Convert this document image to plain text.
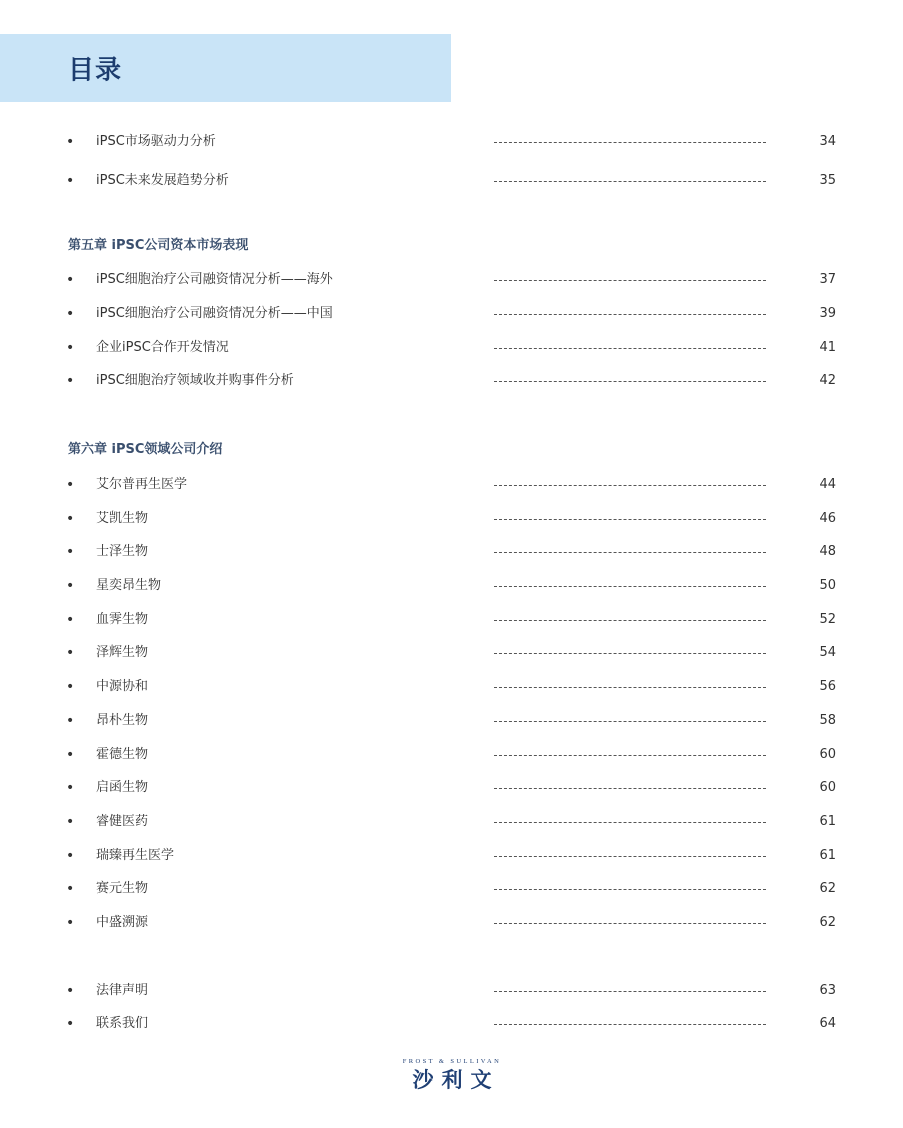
目录
• iPSC市场驱动力分析	34
• iPSC未来发展趋势分析	35
第五章 iPSC公司资本市场表现
• iPSC细胞治疗公司融资情况分析——海外	37
• iPSC细胞治疗公司融资情况分析——中国	39
• 企业iPSC合作开发情况	41
• iPSC细胞治疗领域收并购事件分析	42
第六章 iPSC领域公司介绍
• 艾尔普再生医学	44
• 艾凯生物	46
• 士泽生物	48
• 星奕昂生物	50
• 血霁生物	52
• 泽辉生物	54
• 中源协和	56
• 昂朴生物	58
• 霍德生物	60
• 启函生物	60
• 睿健医药	61
• 瑞臻再生医学	61
• 赛元生物	62
• 中盛溯源	62
• 法律声明	63
• 联系我们	64
FROST & SULLIVAN
沙利文
